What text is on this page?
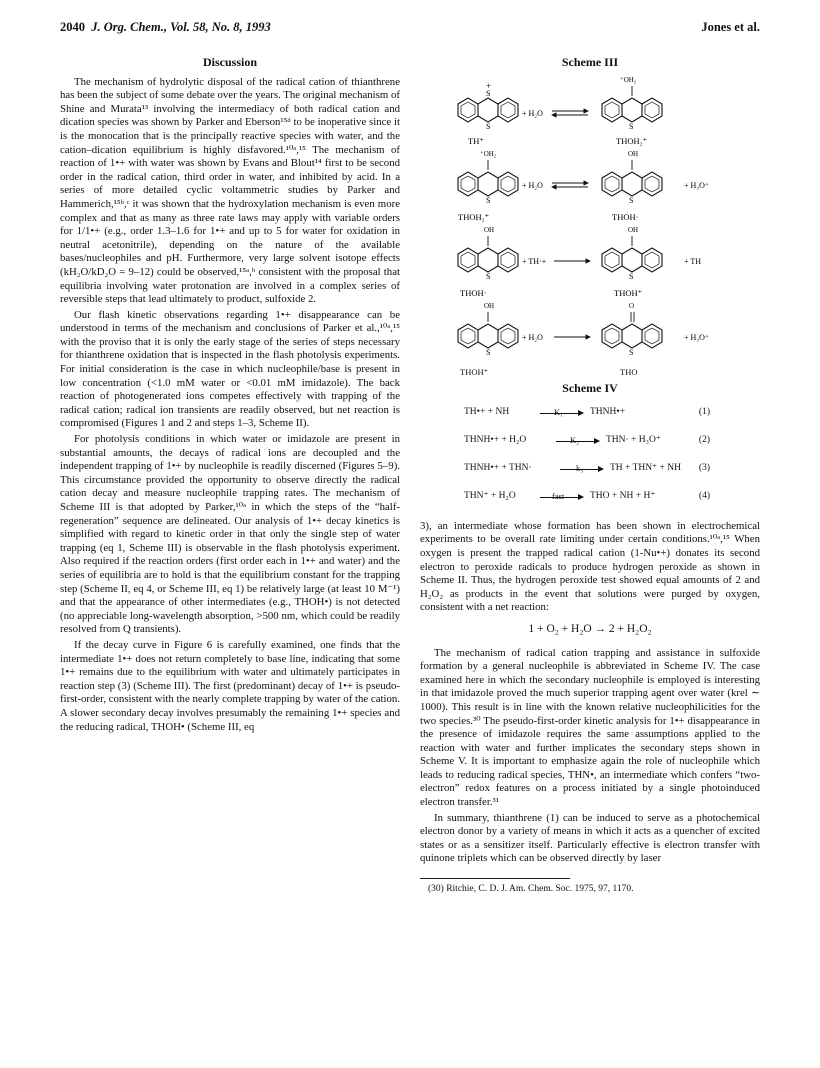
2040 J. Org. Chem., Vol. 58, No. 8, 1993	Jones et al.
Discussion

The mechanism of hydrolytic disposal of the radical cation of thianthrene has been the subject of some debate over the years. The original mechanism of Shine and Murata¹³ involving the intermediacy of both radical cation and dication species was shown by Parker and Eberson¹⁵ᵈ to be inoperative since it is the monocation that is the principally reactive species with water, and the cation–dication equilibrium is highly disfavored.¹⁰ᵃ,¹⁵ The mechanism of reaction of 1•+ with water was shown by Evans and Blout¹⁴ first to be second order in the radical cation, third order in water, and inhibited by acid. In a series of more detailed cyclic voltammetric studies by Parker and Hammerich,¹⁵ᵇ,ᶜ it was shown that the hydroxylation mechanism is even more complex and that as many as three rate laws may apply with variable orders for 1/1•+ (e.g., order 1.3–1.6 for 1•+ and up to 5 for water for oxidation in neutral acetonitrile), depending on the nature of the available bases/nucleophiles and pH. Furthermore, very large solvent isotope effects (kH₂O/kD₂O = 9–12) could be observed,¹⁵ᵃ,ᵇ consistent with the proposal that equilibria involving water protonation are involved in a complex series of reversible steps that lead ultimately to product, sulfoxide 2.

Our flash kinetic observations regarding 1•+ disappearance can be understood in terms of the mechanism and conclusions of Parker et al.,¹⁰ᵃ,¹⁵ with the proviso that it is only the early stage of the series of steps necessary for thianthrene oxidation that is inspected in the flash photolysis experiments. For initial consideration is the case in which nucleophile/base is present in low concentration (<1.0 mM water or <0.01 mM imidazole). The back reaction of photogenerated ions competes effectively with trapping of the radical cation; radical ion transients are readily observed, but net reaction is compromised (Figures 1 and 2 and steps 1–3, Scheme II).

For photolysis conditions in which water or imidazole are present in substantial amounts, the decays of radical ions are decoupled and the independent trapping of 1•+ by nucleophile is readily discerned (Figures 5–9). This circumstance provided the opportunity to observe directly the radical cation decay and measure nucleophile trapping rates. The mechanism of Scheme III is that adopted by Parker,¹⁰ᵃ in which the steps of the “half-regeneration” sequence are delineated. Our analysis of 1•+ decay kinetics is simplified with regard to kinetic order in that only the single step of water trapping (eq 1, Scheme III) is observable in the flash photolysis experiment. Also required if the reaction orders (first order each in 1•+ and water) and the series of equilibria are to hold is that the equilibrium constant for the trapping step (Scheme II, eq 4, or Scheme III, eq 1) be relatively large (at least 10 M⁻¹) and that the appearance of other intermediates (e.g., THOH•) is not detected (no appreciable long-wavelength absorption, >500 nm, which could be readily resolved from Q transients).

If the decay curve in Figure 6 is carefully examined, one finds that the intermediate 1•+ does not return completely to base line, indicating that some 1•+ remains due to the equilibrium with water and ultimately participates in reaction step (3) (Scheme III). The first (predominant) decay of 1•+ is pseudo-first-order, consistent with the nearly complete trapping by water of the cation. A slower secondary decay involves presumably the remaining 1•+ species and the reducing radical, THOH• (Scheme III, eq

Scheme III
S
S
+
+ H₂O
⁺OH₂
S
TH⁺	THOH₂⁺
⁺OH₂
S
+ H₂O
OH
S
+ H₃O⁺
THOH₂⁺	THOH·
OH
S
+ TH·+
OH
S
+ TH
THOH·	THOH⁺
OH
S
+ H₂O
O
S
+ H₃O⁺
THOH⁺	THO
Scheme IV
TH•+ + NH	K₁	THNH•+	(1)
THNH•+ + H₂O	K₂	THN· + H₃O⁺	(2)
THNH•+ + THN·	k₃	TH + THN⁺ + NH (3)
THN⁺ + H₂O	fast	THO + NH + H⁺	(4)

3), an intermediate whose formation has been shown in electrochemical experiments to be overall rate limiting under certain conditions.¹⁰ᵃ,¹⁵ When oxygen is present the trapped radical cation (1-Nu•+) donates its second electron to peroxide radicals to produce hydrogen peroxide as shown in Scheme II. Thus, the hydrogen peroxide test showed equal amounts of 2 and H₂O₂ as products in the event that solutions were purged by oxygen, consistent with a net reaction:

1 + O₂ + H₂O → 2 + H₂O₂

The mechanism of radical cation trapping and assistance in sulfoxide formation by a general nucleophile is abbreviated in Scheme IV. The case examined here in which the secondary nucleophile is employed is interesting in that imidazole proved the much superior trapping agent over water (krel ∼ 1000). This result is in line with the known relative nucleophilicities for the two species.³⁰ The pseudo-first-order kinetic analysis for 1•+ disappearance in the presence of imidazole requires the same assumptions applied to the reaction with water and further implicates the secondary steps shown in Scheme V. It is important to emphasize again the role of nucleophile which leads to reducing radical species, THN•, an intermediate which confers “two-electron” redox features on a process initiated by a single photoinduced electron transfer.³¹

In summary, thianthrene (1) can be induced to serve as a photochemical electron donor by a variety of means in which it acts as a quencher of excited states or as a sensitizer itself. Particularly effective is electron transfer with quinone triplets which can be observed directly by laser

(30) Ritchie, C. D. J. Am. Chem. Soc. 1975, 97, 1170.
